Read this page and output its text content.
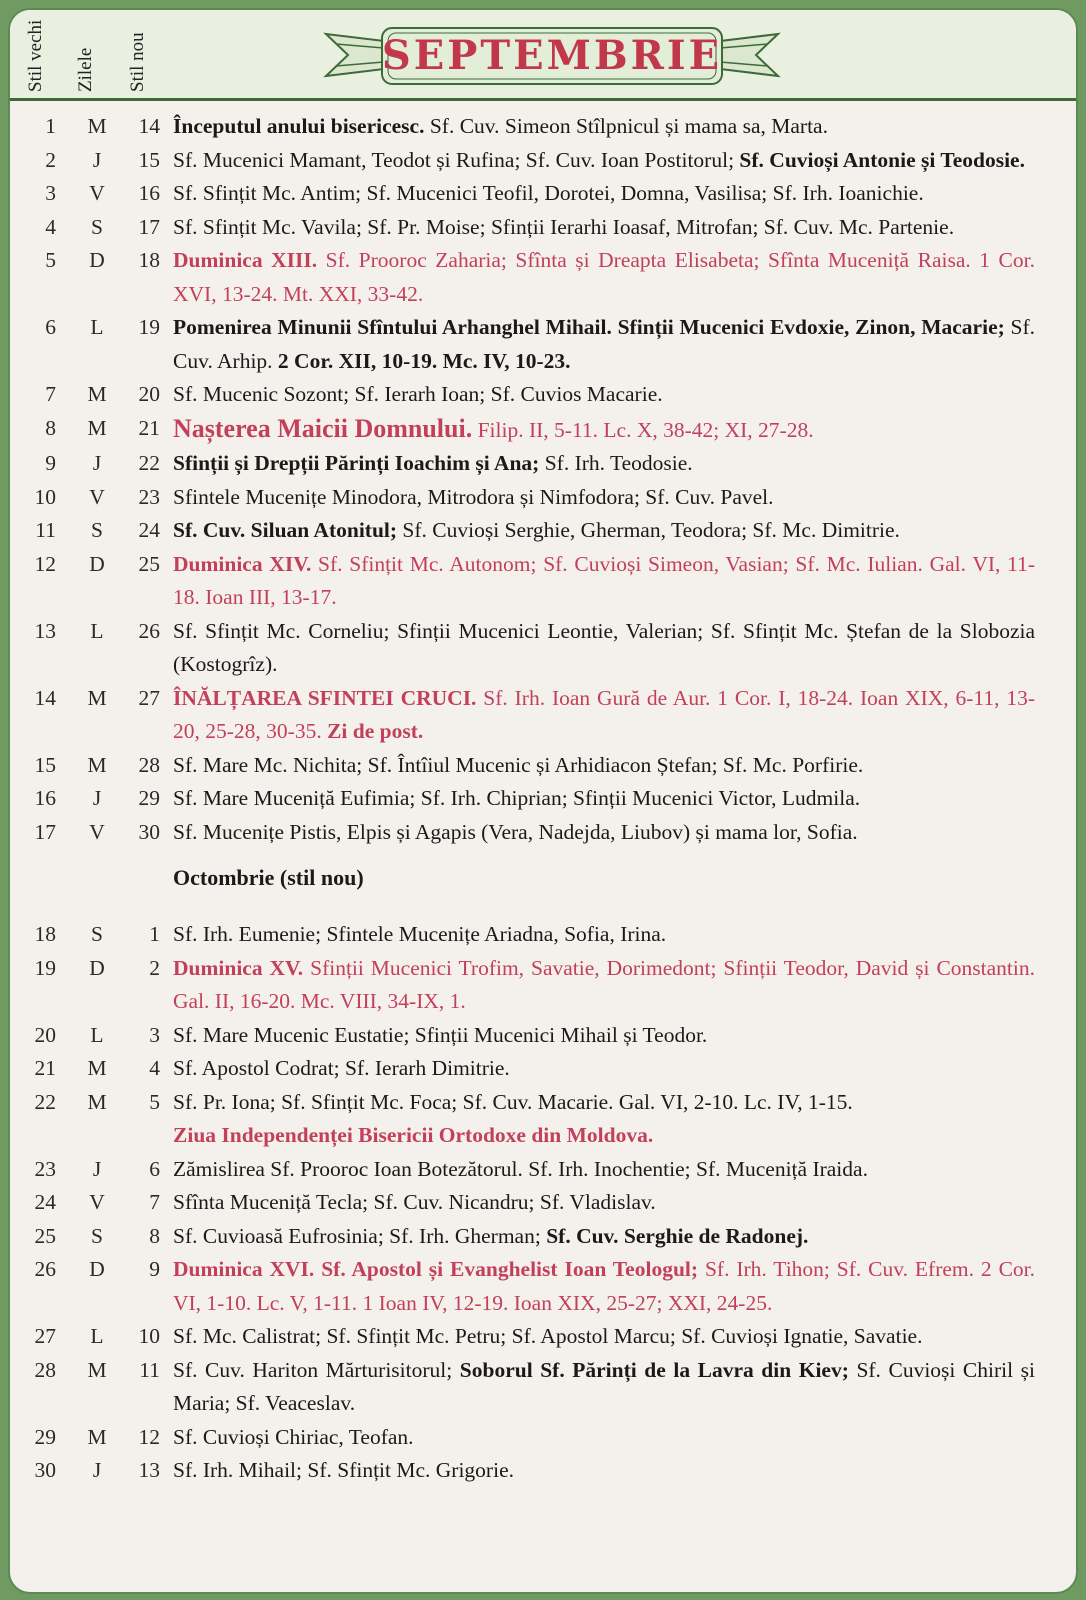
Stil vechi Zilele Stil nou	SEPTEMBRIE
1 M	14 Începutul anului bisericesc. Sf. Cuv. Simeon Stîlpnicul și mama sa, Marta.
2	J	15 Sf. Mucenici Mamant, Teodot și Rufina; Sf. Cuv. Ioan Postitorul; Sf. Cuvioși Antonie și Teodosie.
3	V	16 Sf. Sfințit Mc. Antim; Sf. Mucenici Teofil, Dorotei, Domna, Vasilisa; Sf. Irh. Ioanichie.
4	S	17 Sf. Sfințit Mc. Vavila; Sf. Pr. Moise; Sfinții Ierarhi Ioasaf, Mitrofan; Sf. Cuv. Mc. Partenie.
5	D	18 Duminica XIII. Sf. Prooroc Zaharia; Sfînta și Dreapta Elisabeta; Sfînta Muceniță Raisa. 1 Cor. XVI, 13-24. Mt. XXI, 33-42.
6	L	19 Pomenirea Minunii Sfîntului Arhanghel Mihail. Sfinții Mucenici Evdoxie, Zinon, Macarie; Sf. Cuv. Arhip. 2 Cor. XII, 10-19. Mc. IV, 10-23.
7 M	20 Sf. Mucenic Sozont; Sf. Ierarh Ioan; Sf. Cuvios Macarie.
8 M	21 Nașterea Maicii Domnului. Filip. II, 5-11. Lc. X, 38-42; XI, 27-28.
9	J	22 Sfinții și Drepții Părinți Ioachim și Ana; Sf. Irh. Teodosie.
10	V	23 Sfintele Mucenițe Minodora, Mitrodora și Nimfodora; Sf. Cuv. Pavel.
11	S	24 Sf. Cuv. Siluan Atonitul; Sf. Cuvioși Serghie, Gherman, Teodora; Sf. Mc. Dimitrie.
12	D	25 Duminica XIV. Sf. Sfințit Mc. Autonom; Sf. Cuvioși Simeon, Vasian; Sf. Mc. Iulian. Gal. VI, 11-18. Ioan III, 13-17.
13	L	26 Sf. Sfințit Mc. Corneliu; Sfinții Mucenici Leontie, Valerian; Sf. Sfințit Mc. Ștefan de la Slobozia (Kostogrîz).
14 M	27 ÎNĂLȚAREA SFINTEI CRUCI. Sf. Irh. Ioan Gură de Aur. 1 Cor. I, 18-24. Ioan XIX, 6-11, 13-20, 25-28, 30-35. Zi de post.
15 M	28 Sf. Mare Mc. Nichita; Sf. Întîiul Mucenic și Arhidiacon Ștefan; Sf. Mc. Porfirie.
16	J	29 Sf. Mare Muceniță Eufimia; Sf. Irh. Chiprian; Sfinții Mucenici Victor, Ludmila.
17	V	30 Sf. Mucenițe Pistis, Elpis și Agapis (Vera, Nadejda, Liubov) și mama lor, Sofia.
Octombrie (stil nou)
18	S	1 Sf. Irh. Eumenie; Sfintele Mucenițe Ariadna, Sofia, Irina.
19	D	2 Duminica XV. Sfinții Mucenici Trofim, Savatie, Dorimedont; Sfinții Teodor, David și Constantin. Gal. II, 16-20. Mc. VIII, 34-IX, 1.
20	L	3 Sf. Mare Mucenic Eustatie; Sfinții Mucenici Mihail și Teodor.
21 M	4 Sf. Apostol Codrat; Sf. Ierarh Dimitrie.
22 M	5 Sf. Pr. Iona; Sf. Sfințit Mc. Foca; Sf. Cuv. Macarie. Gal. VI, 2-10. Lc. IV, 1-15.
Ziua Independenței Bisericii Ortodoxe din Moldova.
23	J	6 Zămislirea Sf. Prooroc Ioan Botezătorul. Sf. Irh. Inochentie; Sf. Muceniță Iraida.
24	V	7 Sfînta Muceniță Tecla; Sf. Cuv. Nicandru; Sf. Vladislav.
25	S	8 Sf. Cuvioasă Eufrosinia; Sf. Irh. Gherman; Sf. Cuv. Serghie de Radonej.
26	D	9 Duminica XVI. Sf. Apostol și Evanghelist Ioan Teologul; Sf. Irh. Tihon; Sf. Cuv. Efrem. 2 Cor. VI, 1-10. Lc. V, 1-11. 1 Ioan IV, 12-19. Ioan XIX, 25-27; XXI, 24-25.
27	L	10 Sf. Mc. Calistrat; Sf. Sfințit Mc. Petru; Sf. Apostol Marcu; Sf. Cuvioși Ignatie, Savatie.
28 M	11 Sf. Cuv. Hariton Mărturisitorul; Soborul Sf. Părinți de la Lavra din Kiev; Sf. Cuvioși Chiril și Maria; Sf. Veaceslav.
29 M	12 Sf. Cuvioși Chiriac, Teofan.
30	J	13 Sf. Irh. Mihail; Sf. Sfințit Mc. Grigorie.
